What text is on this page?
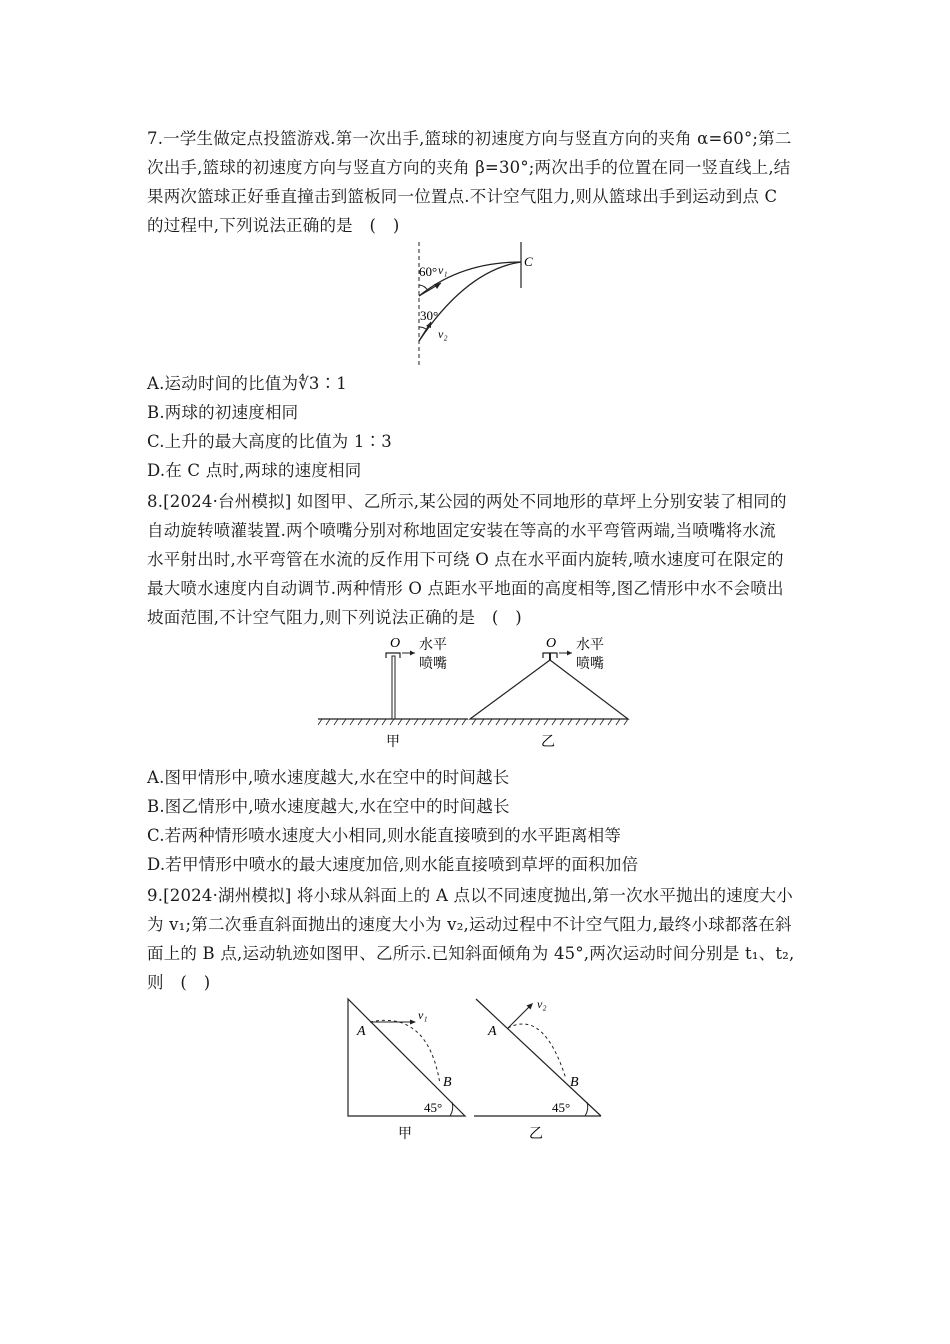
7.一学生做定点投篮游戏.第一次出手,篮球的初速度方向与竖直方向的夹角 α=60°;第二
次出手,篮球的初速度方向与竖直方向的夹角 β=30°;两次出手的位置在同一竖直线上,结
果两次篮球正好垂直撞击到篮板同一位置点.不计空气阻力,则从篮球出手到运动到点 C
的过程中,下列说法正确的是　(　)
60° v₁
30°
v₂
C
A.运动时间的比值为∜3∶1
B.两球的初速度相同
C.上升的最大高度的比值为 1∶3
D.在 C 点时,两球的速度相同
8.[2024·台州模拟] 如图甲、乙所示,某公园的两处不同地形的草坪上分别安装了相同的
自动旋转喷灌装置.两个喷嘴分别对称地固定安装在等高的水平弯管两端,当喷嘴将水流
水平射出时,水平弯管在水流的反作用下可绕 O 点在水平面内旋转,喷水速度可在限定的
最大喷水速度内自动调节.两种情形 O 点距水平地面的高度相等,图乙情形中水不会喷出
坡面范围,不计空气阻力,则下列说法正确的是　(　)
O 水平
喷嘴
甲
O 水平
喷嘴
乙
A.图甲情形中,喷水速度越大,水在空中的时间越长
B.图乙情形中,喷水速度越大,水在空中的时间越长
C.若两种情形喷水速度大小相同,则水能直接喷到的水平距离相等
D.若甲情形中喷水的最大速度加倍,则水能直接喷到草坪的面积加倍
9.[2024·湖州模拟] 将小球从斜面上的 A 点以不同速度抛出,第一次水平抛出的速度大小
为 v₁;第二次垂直斜面抛出的速度大小为 v₂,运动过程中不计空气阻力,最终小球都落在斜
面上的 B 点,运动轨迹如图甲、乙所示.已知斜面倾角为 45°,两次运动时间分别是 t₁、t₂,
则　(　)
A
B
v₁
45°
甲
A
B
v₂
45°
乙
